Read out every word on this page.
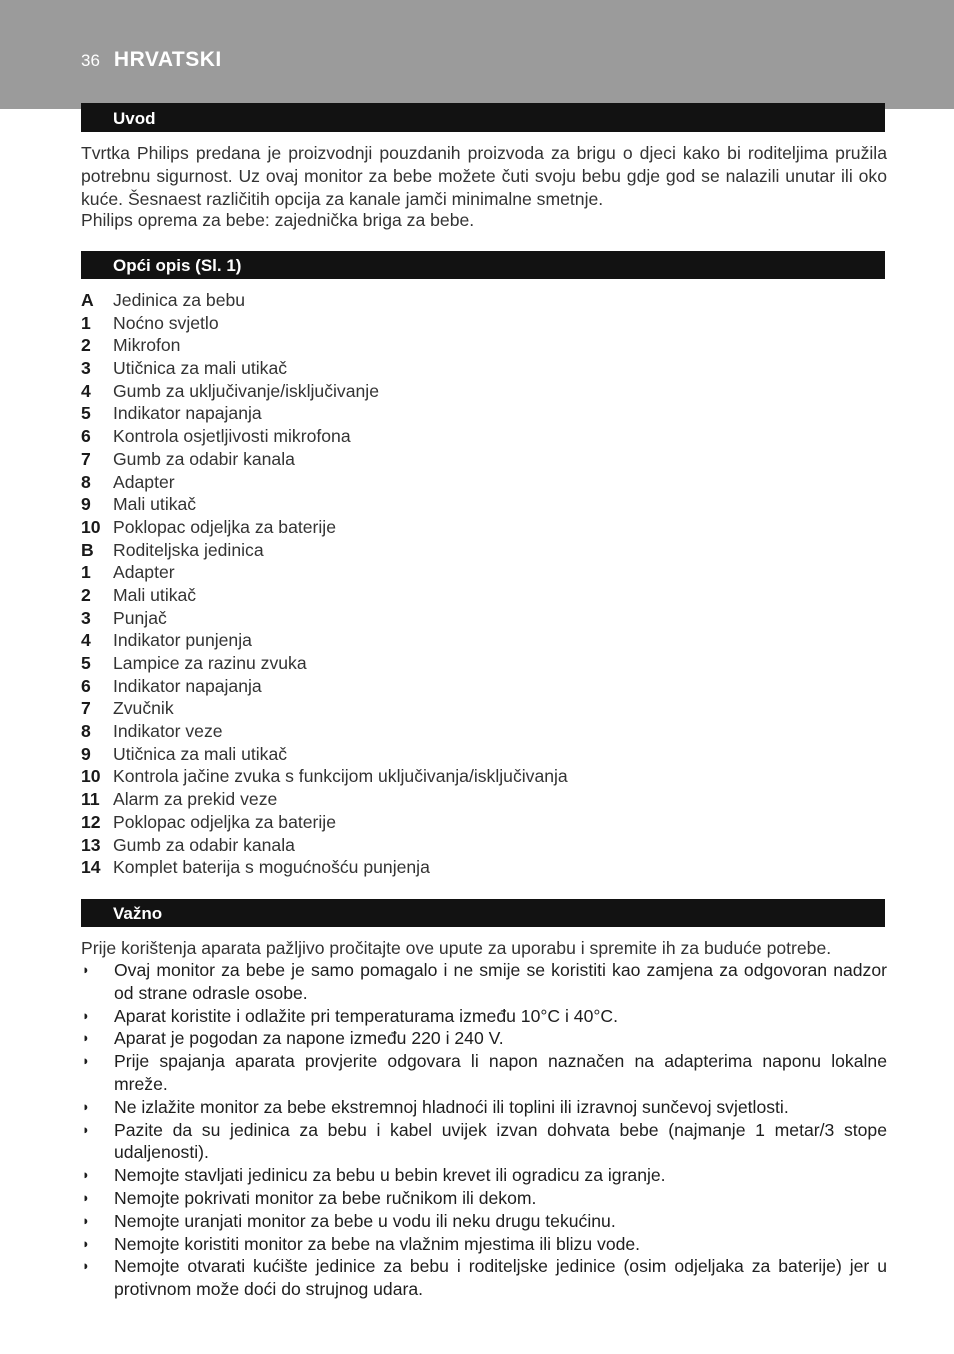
36 HRVATSKI
Uvod
Tvrtka Philips predana je proizvodnji pouzdanih proizvoda za brigu o djeci kako bi roditeljima pružila potrebnu sigurnost. Uz ovaj monitor za bebe možete čuti svoju bebu gdje god se nalazili unutar ili oko kuće. Šesnaest različitih opcija za kanale jamči minimalne smetnje.
Philips oprema za bebe: zajednička briga za bebe.
Opći opis (Sl. 1)
A	Jedinica za bebu
1	Noćno svjetlo
2	Mikrofon
3	Utičnica za mali utikač
4	Gumb za uključivanje/isključivanje
5	Indikator napajanja
6	Kontrola osjetljivosti mikrofona
7	Gumb za odabir kanala
8	Adapter
9	Mali utikač
10 Poklopac odjeljka za baterije
B	Roditeljska jedinica
1	Adapter
2	Mali utikač
3	Punjač
4	Indikator punjenja
5	Lampice za razinu zvuka
6	Indikator napajanja
7	Zvučnik
8	Indikator veze
9	Utičnica za mali utikač
10 Kontrola jačine zvuka s funkcijom uključivanja/isključivanja
11 Alarm za prekid veze
12 Poklopac odjeljka za baterije
13 Gumb za odabir kanala
14 Komplet baterija s mogućnošću punjenja
Važno
Prije korištenja aparata pažljivo pročitajte ove upute za uporabu i spremite ih za buduće potrebe.
◗	Ovaj monitor za bebe je samo pomagalo i ne smije se koristiti kao zamjena za odgovoran nadzor od strane odrasle osobe.
◗	Aparat koristite i odlažite pri temperaturama između 10°C i 40°C.
◗	Aparat je pogodan za napone između 220 i 240 V.
◗	Prije spajanja aparata provjerite odgovara li napon naznačen na adapterima naponu lokalne mreže.
◗	Ne izlažite monitor za bebe ekstremnoj hladnoći ili toplini ili izravnoj sunčevoj svjetlosti.
◗	Pazite da su jedinica za bebu i kabel uvijek izvan dohvata bebe (najmanje 1 metar/3 stope udaljenosti).
◗	Nemojte stavljati jedinicu za bebu u bebin krevet ili ogradicu za igranje.
◗	Nemojte pokrivati monitor za bebe ručnikom ili dekom.
◗	Nemojte uranjati monitor za bebe u vodu ili neku drugu tekućinu.
◗	Nemojte koristiti monitor za bebe na vlažnim mjestima ili blizu vode.
◗	Nemojte otvarati kućište jedinice za bebu i roditeljske jedinice (osim odjeljaka za baterije) jer u protivnom može doći do strujnog udara.
